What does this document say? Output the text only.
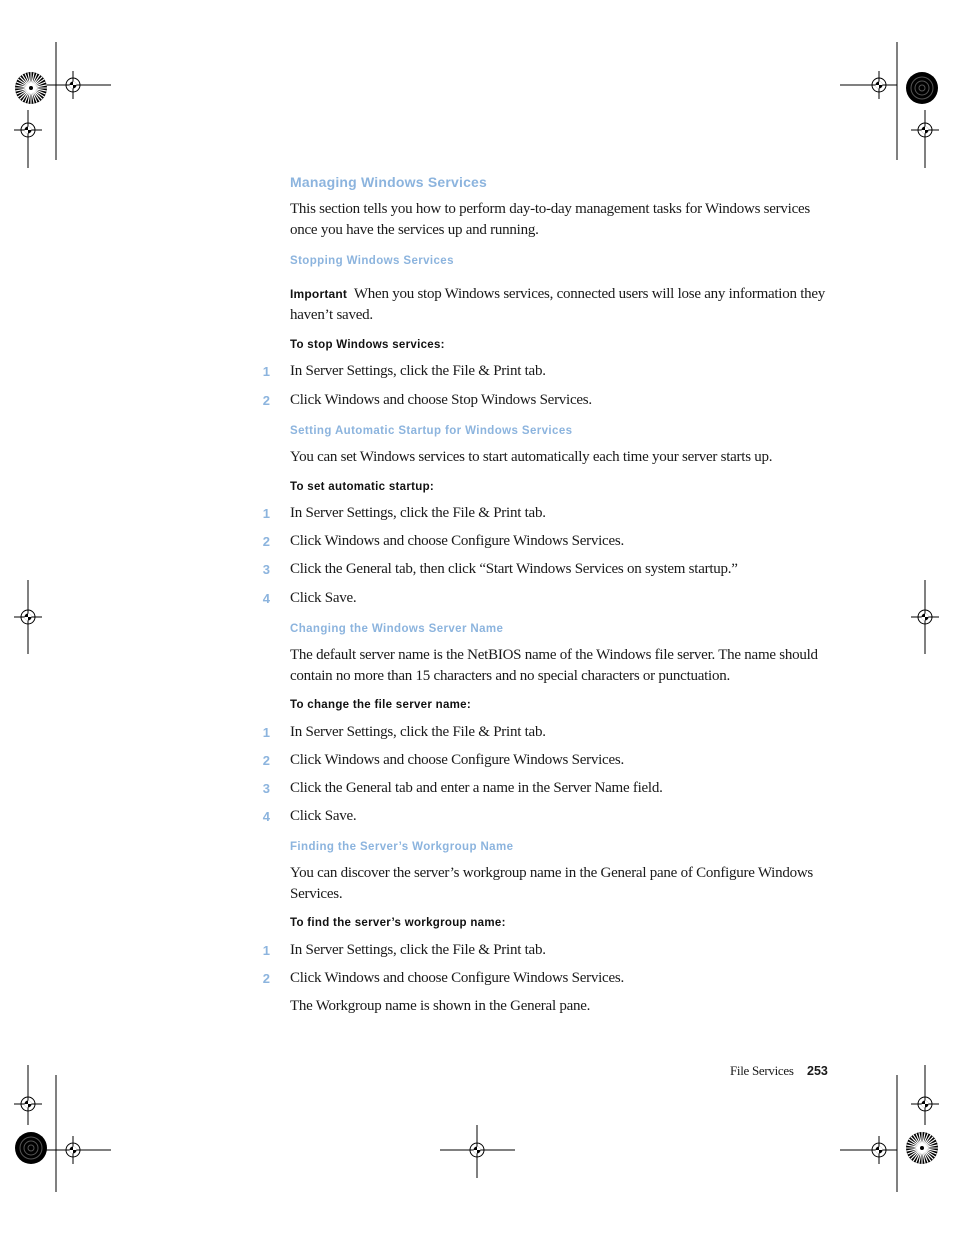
Managing Windows Services
This section tells you how to perform day-to-day management tasks for Windows services once you have the services up and running.
Stopping Windows Services
Important When you stop Windows services, connected users will lose any information they haven’t saved.
To stop Windows services:
1 In Server Settings, click the File & Print tab.
2 Click Windows and choose Stop Windows Services.
Setting Automatic Startup for Windows Services
You can set Windows services to start automatically each time your server starts up.
To set automatic startup:
1 In Server Settings, click the File & Print tab.
2 Click Windows and choose Configure Windows Services.
3 Click the General tab, then click “Start Windows Services on system startup.”
4 Click Save.
Changing the Windows Server Name
The default server name is the NetBIOS name of the Windows file server. The name should contain no more than 15 characters and no special characters or punctuation.
To change the file server name:
1 In Server Settings, click the File & Print tab.
2 Click Windows and choose Configure Windows Services.
3 Click the General tab and enter a name in the Server Name field.
4 Click Save.
Finding the Server’s Workgroup Name
You can discover the server’s workgroup name in the General pane of Configure Windows Services.
To find the server’s workgroup name:
1 In Server Settings, click the File & Print tab.
2 Click Windows and choose Configure Windows Services.
The Workgroup name is shown in the General pane.
File Services 253
